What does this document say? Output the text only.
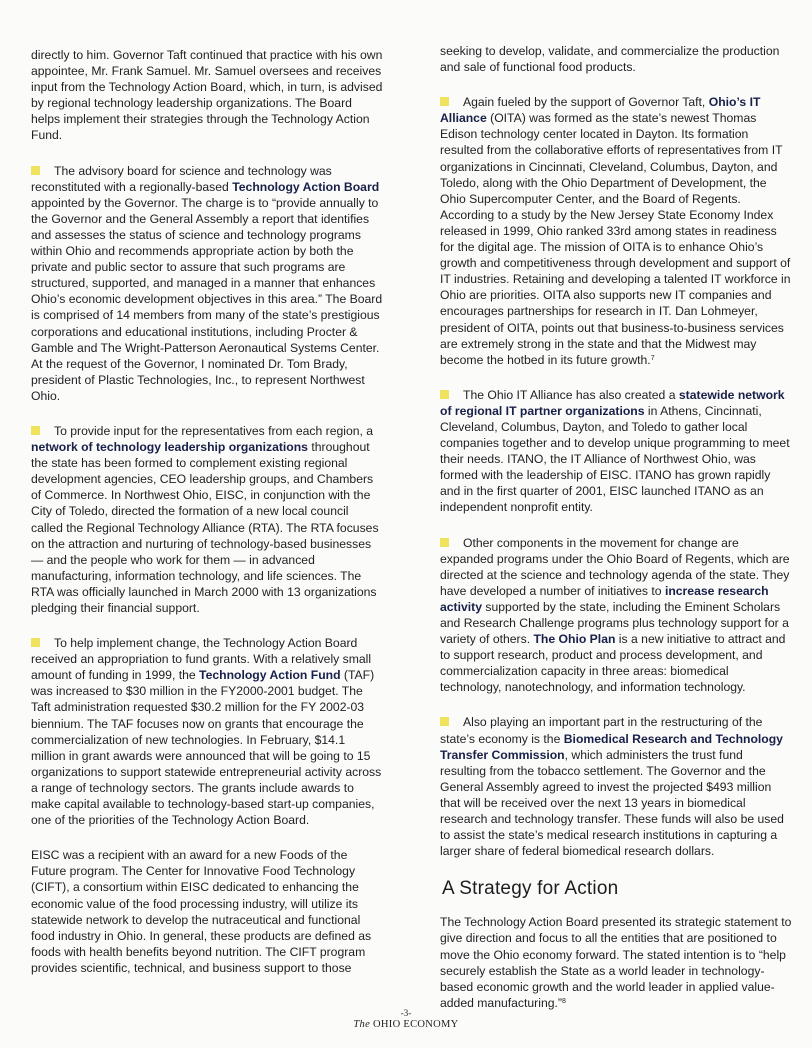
directly to him. Governor Taft continued that practice with his own appointee, Mr. Frank Samuel. Mr. Samuel oversees and receives input from the Technology Action Board, which, in turn, is advised by regional technology leadership organizations. The Board helps implement their strategies through the Technology Action Fund.

The advisory board for science and technology was reconstituted with a regionally-based Technology Action Board appointed by the Governor. The charge is to “provide annually to the Governor and the General Assembly a report that identifies and assesses the status of science and technology programs within Ohio and recommends appropriate action by both the private and public sector to assure that such programs are structured, supported, and managed in a manner that enhances Ohio’s economic development objectives in this area.” The Board is comprised of 14 members from many of the state’s prestigious corporations and educational institutions, including Procter & Gamble and The Wright-Patterson Aeronautical Systems Center. At the request of the Governor, I nominated Dr. Tom Brady, president of Plastic Technologies, Inc., to represent Northwest Ohio.

To provide input for the representatives from each region, a network of technology leadership organizations throughout the state has been formed to complement existing regional development agencies, CEO leadership groups, and Chambers of Commerce. In Northwest Ohio, EISC, in conjunction with the City of Toledo, directed the formation of a new local council called the Regional Technology Alliance (RTA). The RTA focuses on the attraction and nurturing of technology-based businesses — and the people who work for them — in advanced manufacturing, information technology, and life sciences. The RTA was officially launched in March 2000 with 13 organizations pledging their financial support.

To help implement change, the Technology Action Board received an appropriation to fund grants. With a relatively small amount of funding in 1999, the Technology Action Fund (TAF) was increased to $30 million in the FY2000-2001 budget. The Taft administration requested $30.2 million for the FY 2002-03 biennium. The TAF focuses now on grants that encourage the commercialization of new technologies. In February, $14.1 million in grant awards were announced that will be going to 15 organizations to support statewide entrepreneurial activity across a range of technology sectors. The grants include awards to make capital available to technology-based start-up companies, one of the priorities of the Technology Action Board.

EISC was a recipient with an award for a new Foods of the Future program. The Center for Innovative Food Technology (CIFT), a consortium within EISC dedicated to enhancing the economic value of the food processing industry, will utilize its statewide network to develop the nutraceutical and functional food industry in Ohio. In general, these products are defined as foods with health benefits beyond nutrition. The CIFT program provides scientific, technical, and business support to those

seeking to develop, validate, and commercialize the production and sale of functional food products.

Again fueled by the support of Governor Taft, Ohio’s IT Alliance (OITA) was formed as the state’s newest Thomas Edison technology center located in Dayton. Its formation resulted from the collaborative efforts of representatives from IT organizations in Cincinnati, Cleveland, Columbus, Dayton, and Toledo, along with the Ohio Department of Development, the Ohio Supercomputer Center, and the Board of Regents. According to a study by the New Jersey State Economy Index released in 1999, Ohio ranked 33rd among states in readiness for the digital age. The mission of OITA is to enhance Ohio’s growth and competitiveness through development and support of IT industries. Retaining and developing a talented IT workforce in Ohio are priorities. OITA also supports new IT companies and encourages partnerships for research in IT. Dan Lohmeyer, president of OITA, points out that business-to-business services are extremely strong in the state and that the Midwest may become the hotbed in its future growth.$^7$

The Ohio IT Alliance has also created a statewide network of regional IT partner organizations in Athens, Cincinnati, Cleveland, Columbus, Dayton, and Toledo to gather local companies together and to develop unique programming to meet their needs. ITANO, the IT Alliance of Northwest Ohio, was formed with the leadership of EISC. ITANO has grown rapidly and in the first quarter of 2001, EISC launched ITANO as an independent nonprofit entity.

Other components in the movement for change are expanded programs under the Ohio Board of Regents, which are directed at the science and technology agenda of the state. They have developed a number of initiatives to increase research activity supported by the state, including the Eminent Scholars and Research Challenge programs plus technology support for a variety of others. The Ohio Plan is a new initiative to attract and to support research, product and process development, and commercialization capacity in three areas: biomedical technology, nanotechnology, and information technology.

Also playing an important part in the restructuring of the state’s economy is the Biomedical Research and Technology Transfer Commission, which administers the trust fund resulting from the tobacco settlement. The Governor and the General Assembly agreed to invest the projected $493 million that will be received over the next 13 years in biomedical research and technology transfer. These funds will also be used to assist the state’s medical research institutions in capturing a larger share of federal biomedical research dollars.

A Strategy for Action

The Technology Action Board presented its strategic statement to give direction and focus to all the entities that are positioned to move the Ohio economy forward. The stated intention is to “help securely establish the State as a world leader in technology-based economic growth and the world leader in applied value-added manufacturing.”$^8$

-3-
The OHIO ECONOMY
